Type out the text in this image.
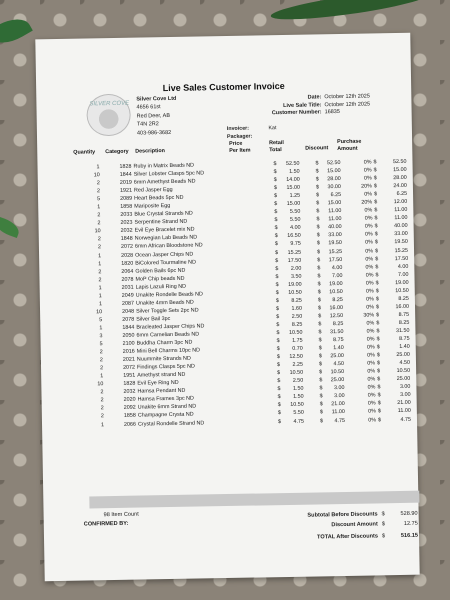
Live Sales Customer Invoice
SILVER COVE
Silver Cove Ltd
4656 61st
Red Deer, AB
T4N 2R2
403-986-3682
Date: October 12th 2025
Live Sale Title: October 12th 2025
Customer Number: 16835
Invoicer:	Kat
Packager:
Quantity Category Description
Price
Per Item
Retail
Total	Discount
Purchase
Amount
1	1828 Ruby in Matrix Beads ND	$	52.50	$	52.50	0% $	52.50
10	1844 Silver Lobster Clasps 5pc ND	$	1.50	$	15.00	0% $	15.00
2	2019 6mm Amethyst Beads ND	$	14.00	$	28.00	0% $	28.00
2	1921 Red Jasper Egg	$	15.00	$	30.00	20% $	24.00
5	2089 Heart Beads 5pc ND	$	1.25	$	6.25	0% $	6.25
1	1858 Mariposite Egg	$	15.00	$	15.00	20% $	12.00
2	2033 Blue Crystal Strands ND	$	5.50	$	11.00	0% $	11.00
2	2023 Serpentine Strand ND	$	5.50	$	11.00	0% $	11.00
10	2032 Evil Eye Bracelet mix ND	$	4.00	$	40.00	0% $	40.00
2	1848 Norwegian Lab Beads ND	$	16.50	$	33.00	0% $	33.00
2	2072 6mm African Bloodstone ND	$	9.75	$	19.50	0% $	19.50
1	2028 Ocean Jasper Chips ND	$	15.25	$	15.25	0% $	15.25
1	1820 BiColored Tourmaline ND	$	17.50	$	17.50	0% $	17.50
2	2064 Golden Bails 6pc ND	$	2.00	$	4.00	0% $	4.00
2	2078 MoP Chip beads ND	$	3.50	$	7.00	0% $	7.00
1	2031 Lapis Lazuli Ring ND	$	19.00	$	19.00	0% $	19.00
1	2049 Unakite Rondelle Beads ND	$	10.50	$	10.50	0% $	10.50
1	2087 Unakite 4mm Beads ND	$	8.25	$	8.25	0% $	8.25
10	2048 Silver Toggle Sets 2pc ND	$	1.60	$	16.00	0% $	16.00
5	2078 Silver Bail 3pc	$	2.50	$	12.50	30% $	8.75
1	1844 Bracleated Jasper Chips ND	$	8.25	$	8.25	0% $	8.25
3	2050 6mm Carnelian Beads ND	$	10.50	$	31.50	0% $	31.50
5	2100 Buddha Charm 3pc ND	$	1.75	$	8.75	0% $	8.75
2	2016 Mini Bell Charms 10pc ND	$	0.70	$	1.40	0% $	1.40
2	2021 Nuummite Strands ND	$	12.50	$	25.00	0% $	25.00
2	2072 Findings Clasps 5pc ND	$	2.25	$	4.50	0% $	4.50
1	1951 Amethyst strand ND	$	10.50	$	10.50	0% $	10.50
10	1828 Evil Eye Ring ND	$	2.50	$	25.00	0% $	25.00
2	2032 Hamsa Pendant ND	$	1.50	$	3.00	0% $	3.00
2	2020 Hamsa Frames 3pc ND	$	1.50	$	3.00	0% $	3.00
2	2092 Unakite 6mm Strand ND	$	10.50	$	21.00	0% $	21.00
2	1858 Champagne Crysta ND	$	5.50	$	11.00	0% $	11.00
1	2066 Crystal Rondelle Strand ND	$	4.75	$	4.75	0% $	4.75
98 Item Count
CONFIRMED BY:
Subtotal Before Discounts $	528.90
Discount Amount $	12.75
TOTAL After Discounts $	516.15
